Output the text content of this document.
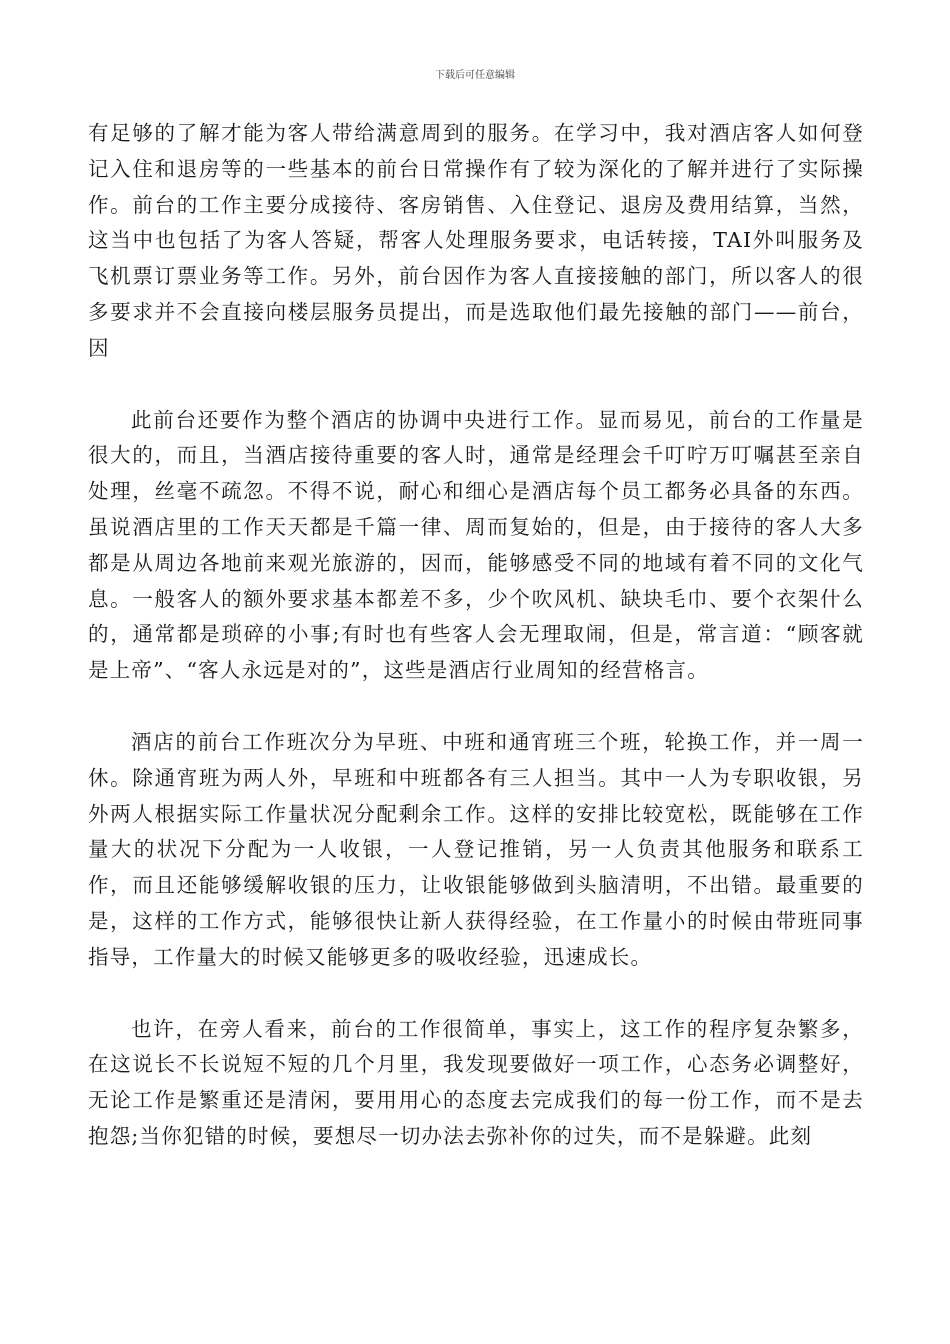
下载后可任意编辑

有足够的了解才能为客人带给满意周到的服务。在学习中，我对酒店客人如何登记入住和退房等的一些基本的前台日常操作有了较为深化的了解并进行了实际操作。前台的工作主要分成接待、客房销售、入住登记、退房及费用结算，当然，这当中也包括了为客人答疑，帮客人处理服务要求，电话转接，TAI外叫服务及飞机票订票业务等工作。另外，前台因作为客人直接接触的部门，所以客人的很多要求并不会直接向楼层服务员提出，而是选取他们最先接触的部门——前台，因

此前台还要作为整个酒店的协调中央进行工作。显而易见，前台的工作量是很大的，而且，当酒店接待重要的客人时，通常是经理会千叮咛万叮嘱甚至亲自处理，丝毫不疏忽。不得不说，耐心和细心是酒店每个员工都务必具备的东西。虽说酒店里的工作天天都是千篇一律、周而复始的，但是，由于接待的客人大多都是从周边各地前来观光旅游的，因而，能够感受不同的地域有着不同的文化气息。一般客人的额外要求基本都差不多，少个吹风机、缺块毛巾、要个衣架什么的，通常都是琐碎的小事;有时也有些客人会无理取闹，但是，常言道：“顾客就是上帝”、“客人永远是对的”，这些是酒店行业周知的经营格言。

酒店的前台工作班次分为早班、中班和通宵班三个班，轮换工作，并一周一休。除通宵班为两人外，早班和中班都各有三人担当。其中一人为专职收银，另外两人根据实际工作量状况分配剩余工作。这样的安排比较宽松，既能够在工作量大的状况下分配为一人收银，一人登记推销，另一人负责其他服务和联系工作，而且还能够缓解收银的压力，让收银能够做到头脑清明，不出错。最重要的是，这样的工作方式，能够很快让新人获得经验，在工作量小的时候由带班同事指导，工作量大的时候又能够更多的吸收经验，迅速成长。

也许，在旁人看来，前台的工作很简单，事实上，这工作的程序复杂繁多，在这说长不长说短不短的几个月里，我发现要做好一项工作，心态务必调整好，无论工作是繁重还是清闲，要用用心的态度去完成我们的每一份工作，而不是去抱怨;当你犯错的时候，要想尽一切办法去弥补你的过失，而不是躲避。此刻
